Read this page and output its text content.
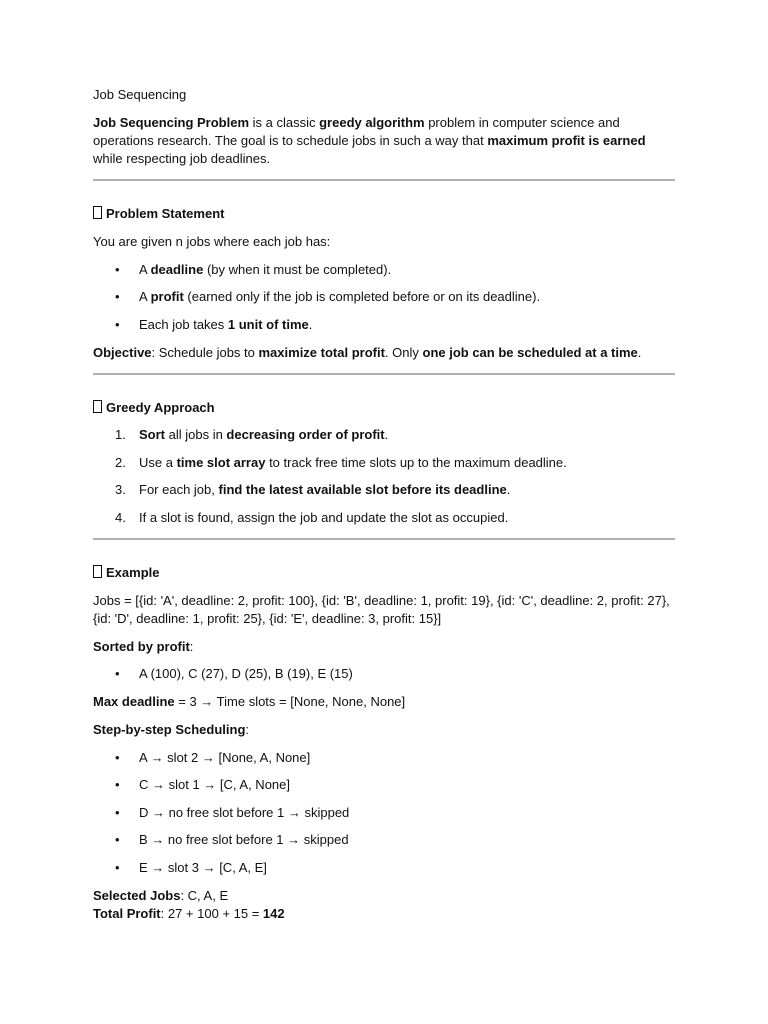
Job Sequencing

Job Sequencing Problem is a classic greedy algorithm problem in computer science and operations research. The goal is to schedule jobs in such a way that maximum profit is earned while respecting job deadlines.

Problem Statement

You are given n jobs where each job has:

• A deadline (by when it must be completed).
• A profit (earned only if the job is completed before or on its deadline).
• Each job takes 1 unit of time.

Objective: Schedule jobs to maximize total profit. Only one job can be scheduled at a time.

Greedy Approach

1. Sort all jobs in decreasing order of profit.
2. Use a time slot array to track free time slots up to the maximum deadline.
3. For each job, find the latest available slot before its deadline.
4. If a slot is found, assign the job and update the slot as occupied.

Example

Jobs = [{id: 'A', deadline: 2, profit: 100}, {id: 'B', deadline: 1, profit: 19}, {id: 'C', deadline: 2, profit: 27}, {id: 'D', deadline: 1, profit: 25}, {id: 'E', deadline: 3, profit: 15}]

Sorted by profit:

• A (100), C (27), D (25), B (19), E (15)

Max deadline = 3 → Time slots = [None, None, None]

Step-by-step Scheduling:

• A → slot 2 → [None, A, None]
• C → slot 1 → [C, A, None]
• D → no free slot before 1 → skipped
• B → no free slot before 1 → skipped
• E → slot 3 → [C, A, E]

Selected Jobs: C, A, E

Total Profit: 27 + 100 + 15 = 142
